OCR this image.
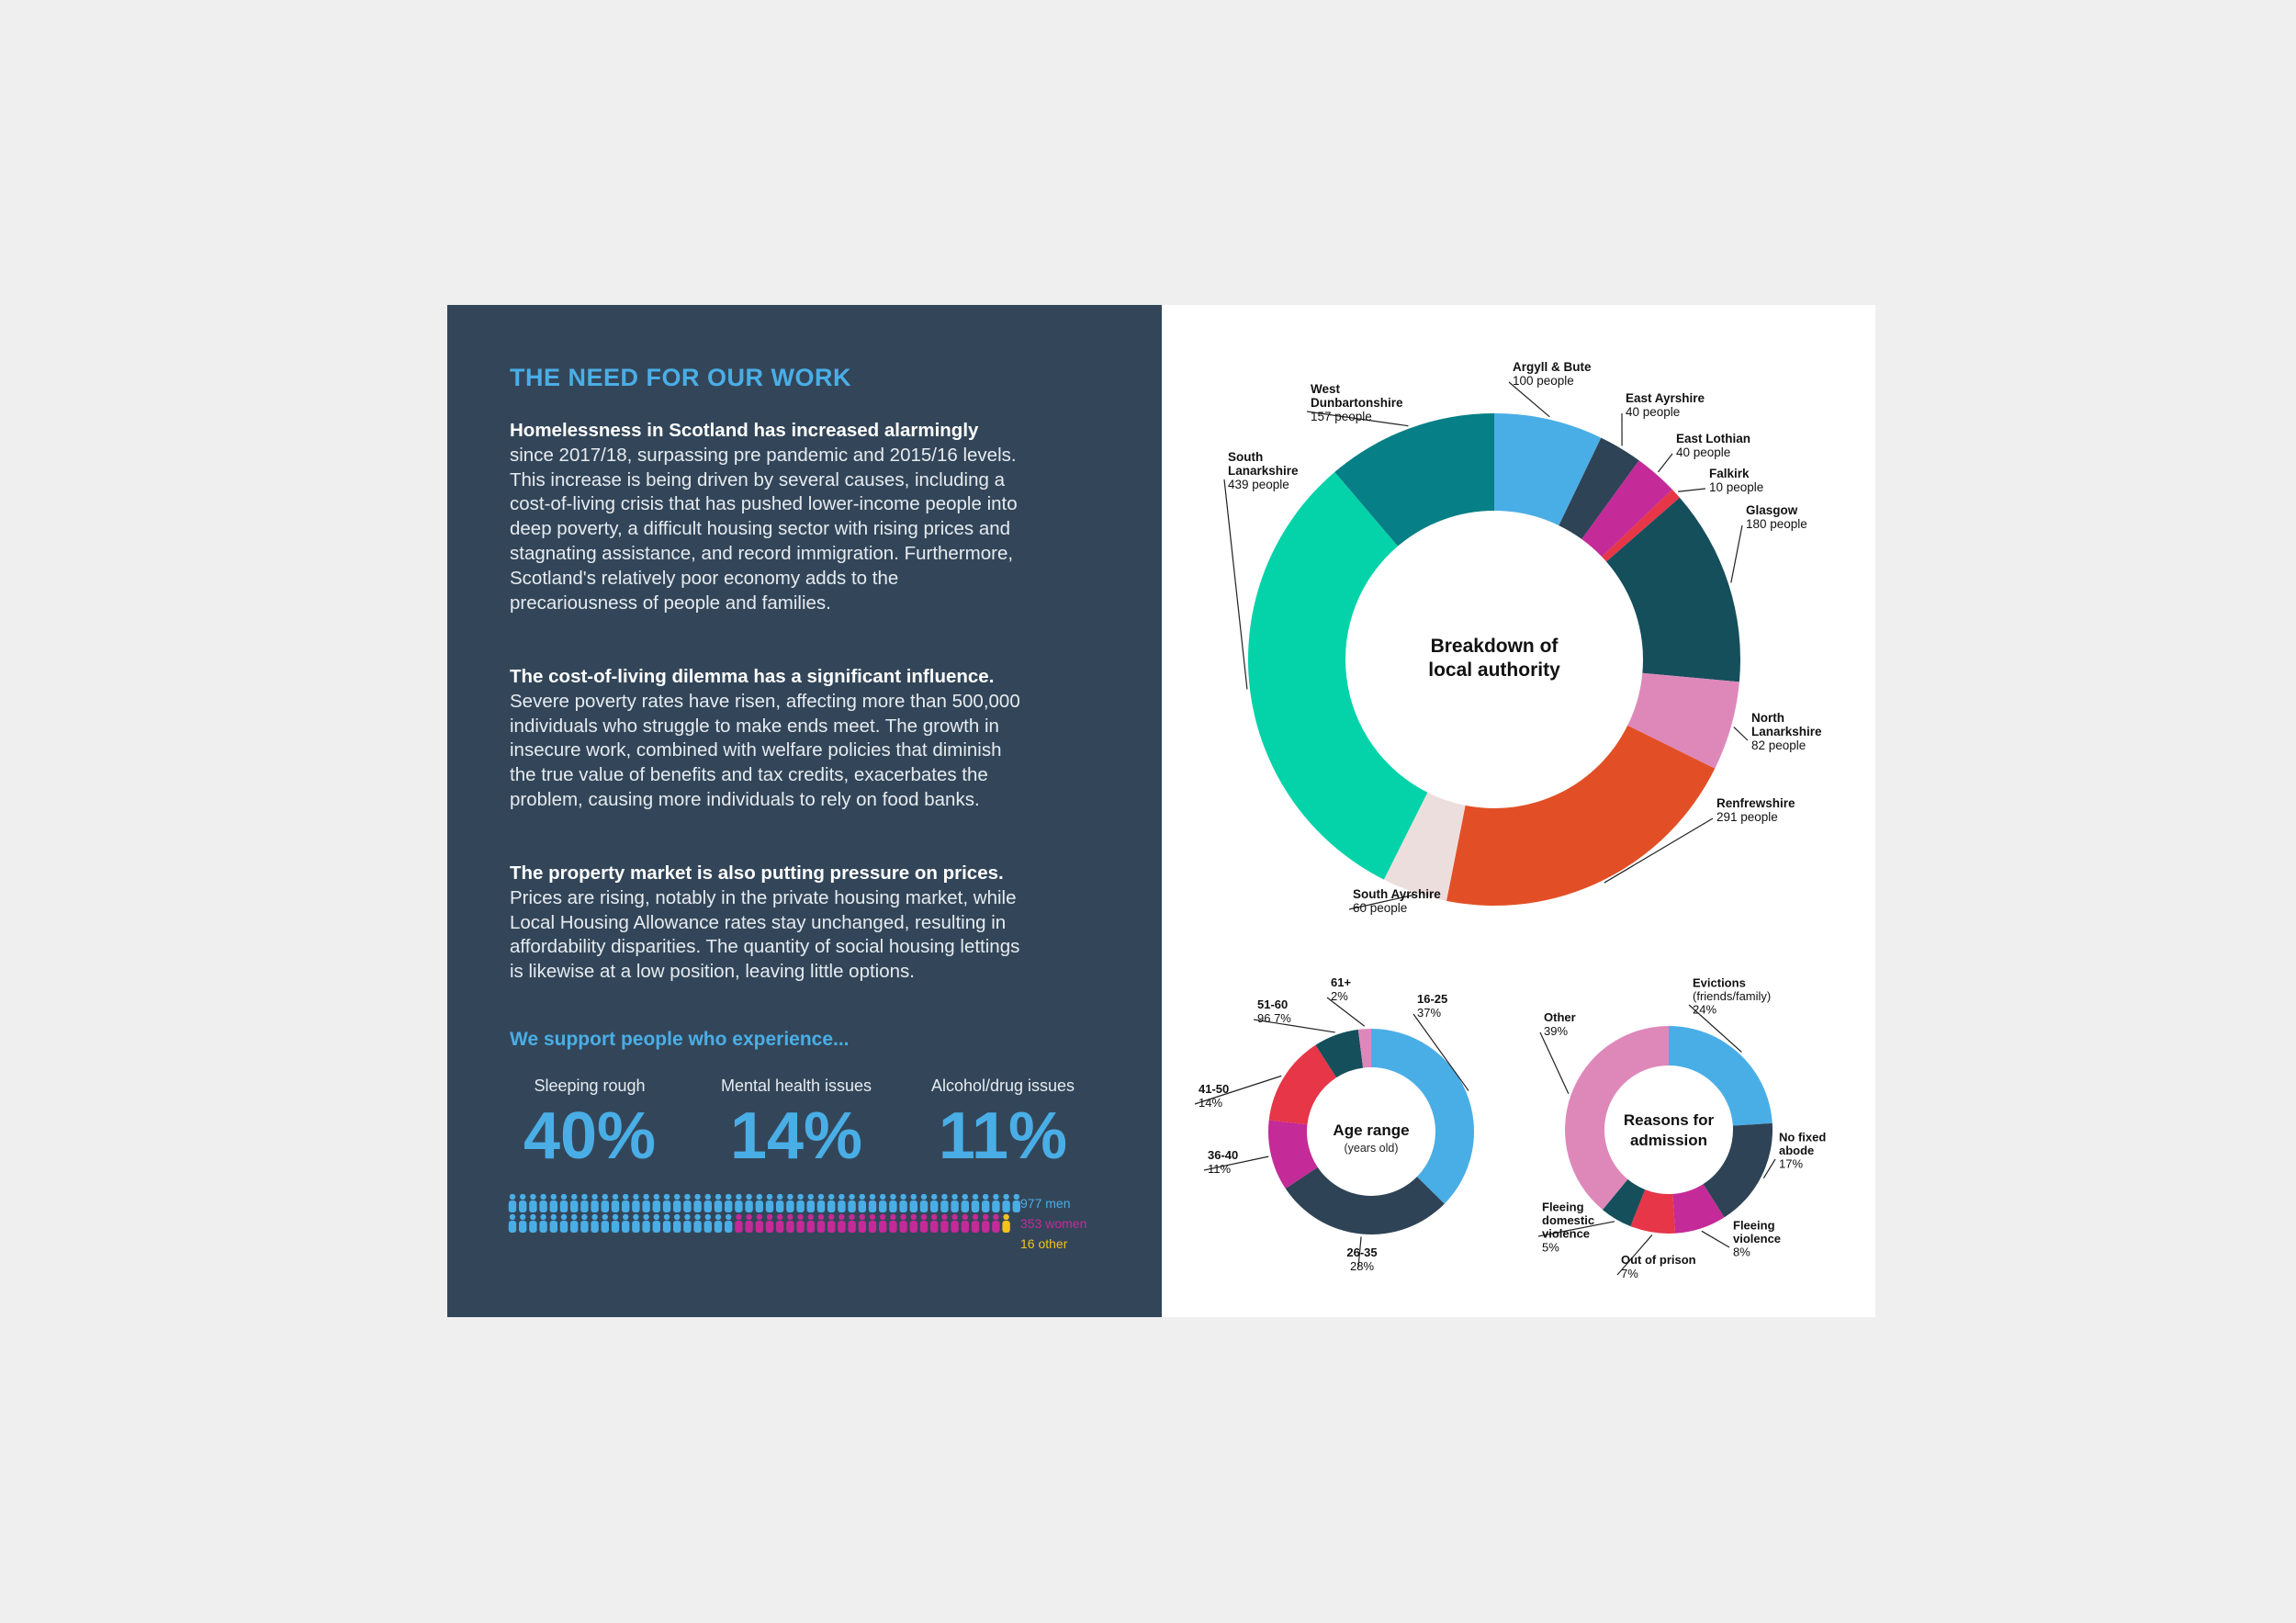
THE NEED FOR OUR WORK

Homelessness in Scotland has increased alarmingly
since 2017/18, surpassing pre pandemic and 2015/16 levels. This increase is being driven by several causes, including a cost-of-living crisis that has pushed lower-income people into deep poverty, a difficult housing sector with rising prices and stagnating assistance, and record immigration. Furthermore, Scotland's relatively poor economy adds to the precariousness of people and families.

The cost-of-living dilemma has a significant influence.
Severe poverty rates have risen, affecting more than 500,000 individuals who struggle to make ends meet. The growth in insecure work, combined with welfare policies that diminish the true value of benefits and tax credits, exacerbates the problem, causing more individuals to rely on food banks.

The property market is also putting pressure on prices.
Prices are rising, notably in the private housing market, while Local Housing Allowance rates stay unchanged, resulting in affordability disparities. The quantity of social housing lettings is likewise at a low position, leaving little options.

We support people who experience...
Sleeping rough
40%
Mental health issues
14%
Alcohol/drug issues
11%
977 men
353 women
16 other
Breakdown of local authority
Argyll & Bute 100 people
East Ayrshire 40 people
East Lothian 40 people
Falkirk 10 people
Glasgow 180 people
North Lanarkshire 82 people
Renfrewshire 291 people
South Ayrshire 60 people
South Lanarkshire 439 people
West Dunbartonshire 157 people
Age range
(years old)
16-25 37%
26-35 28%
36-40 11%
41-50 14%
51-60 96 7%
61+ 2%
Reasons for admission
Evictions (friends/family) 24%
No fixed abode 17%
Fleeing violence 8%
Out of prison 7%
Fleeing domestic violence 5%
Other 39%
